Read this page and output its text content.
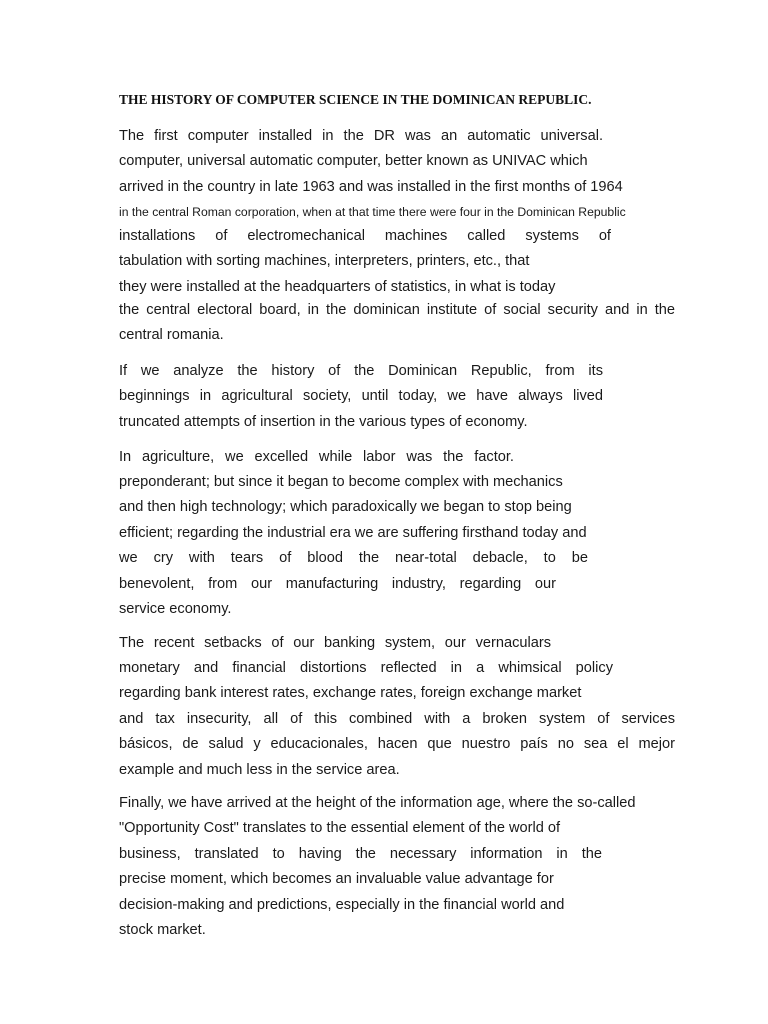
THE HISTORY OF COMPUTER SCIENCE IN THE DOMINICAN REPUBLIC.
The first computer installed in the DR was an automatic universal.
computer, universal automatic computer, better known as UNIVAC which
arrived in the country in late 1963 and was installed in the first months of 1964
in the central Roman corporation, when at that time there were four in the Dominican Republic
installations of electromechanical machines called systems of
tabulation with sorting machines, interpreters, printers, etc., that
they were installed at the headquarters of statistics, in what is today
the central electoral board, in the dominican institute of social security and in the
central romania.
If we analyze the history of the Dominican Republic, from its
beginnings in agricultural society, until today, we have always lived
truncated attempts of insertion in the various types of economy.
In agriculture, we excelled while labor was the factor.
preponderant; but since it began to become complex with mechanics
and then high technology; which paradoxically we began to stop being
efficient; regarding the industrial era we are suffering firsthand today and
we cry with tears of blood the near-total debacle, to be
benevolent, from our manufacturing industry, regarding our
service economy.
The recent setbacks of our banking system, our vernaculars
monetary and financial distortions reflected in a whimsical policy
regarding bank interest rates, exchange rates, foreign exchange market
and tax insecurity, all of this combined with a broken system of services
básicos, de salud y educacionales, hacen que nuestro país no sea el mejor
example and much less in the service area.
Finally, we have arrived at the height of the information age, where the so-called
"Opportunity Cost" translates to the essential element of the world of
business, translated to having the necessary information in the
precise moment, which becomes an invaluable value advantage for
decision-making and predictions, especially in the financial world and
stock market.
